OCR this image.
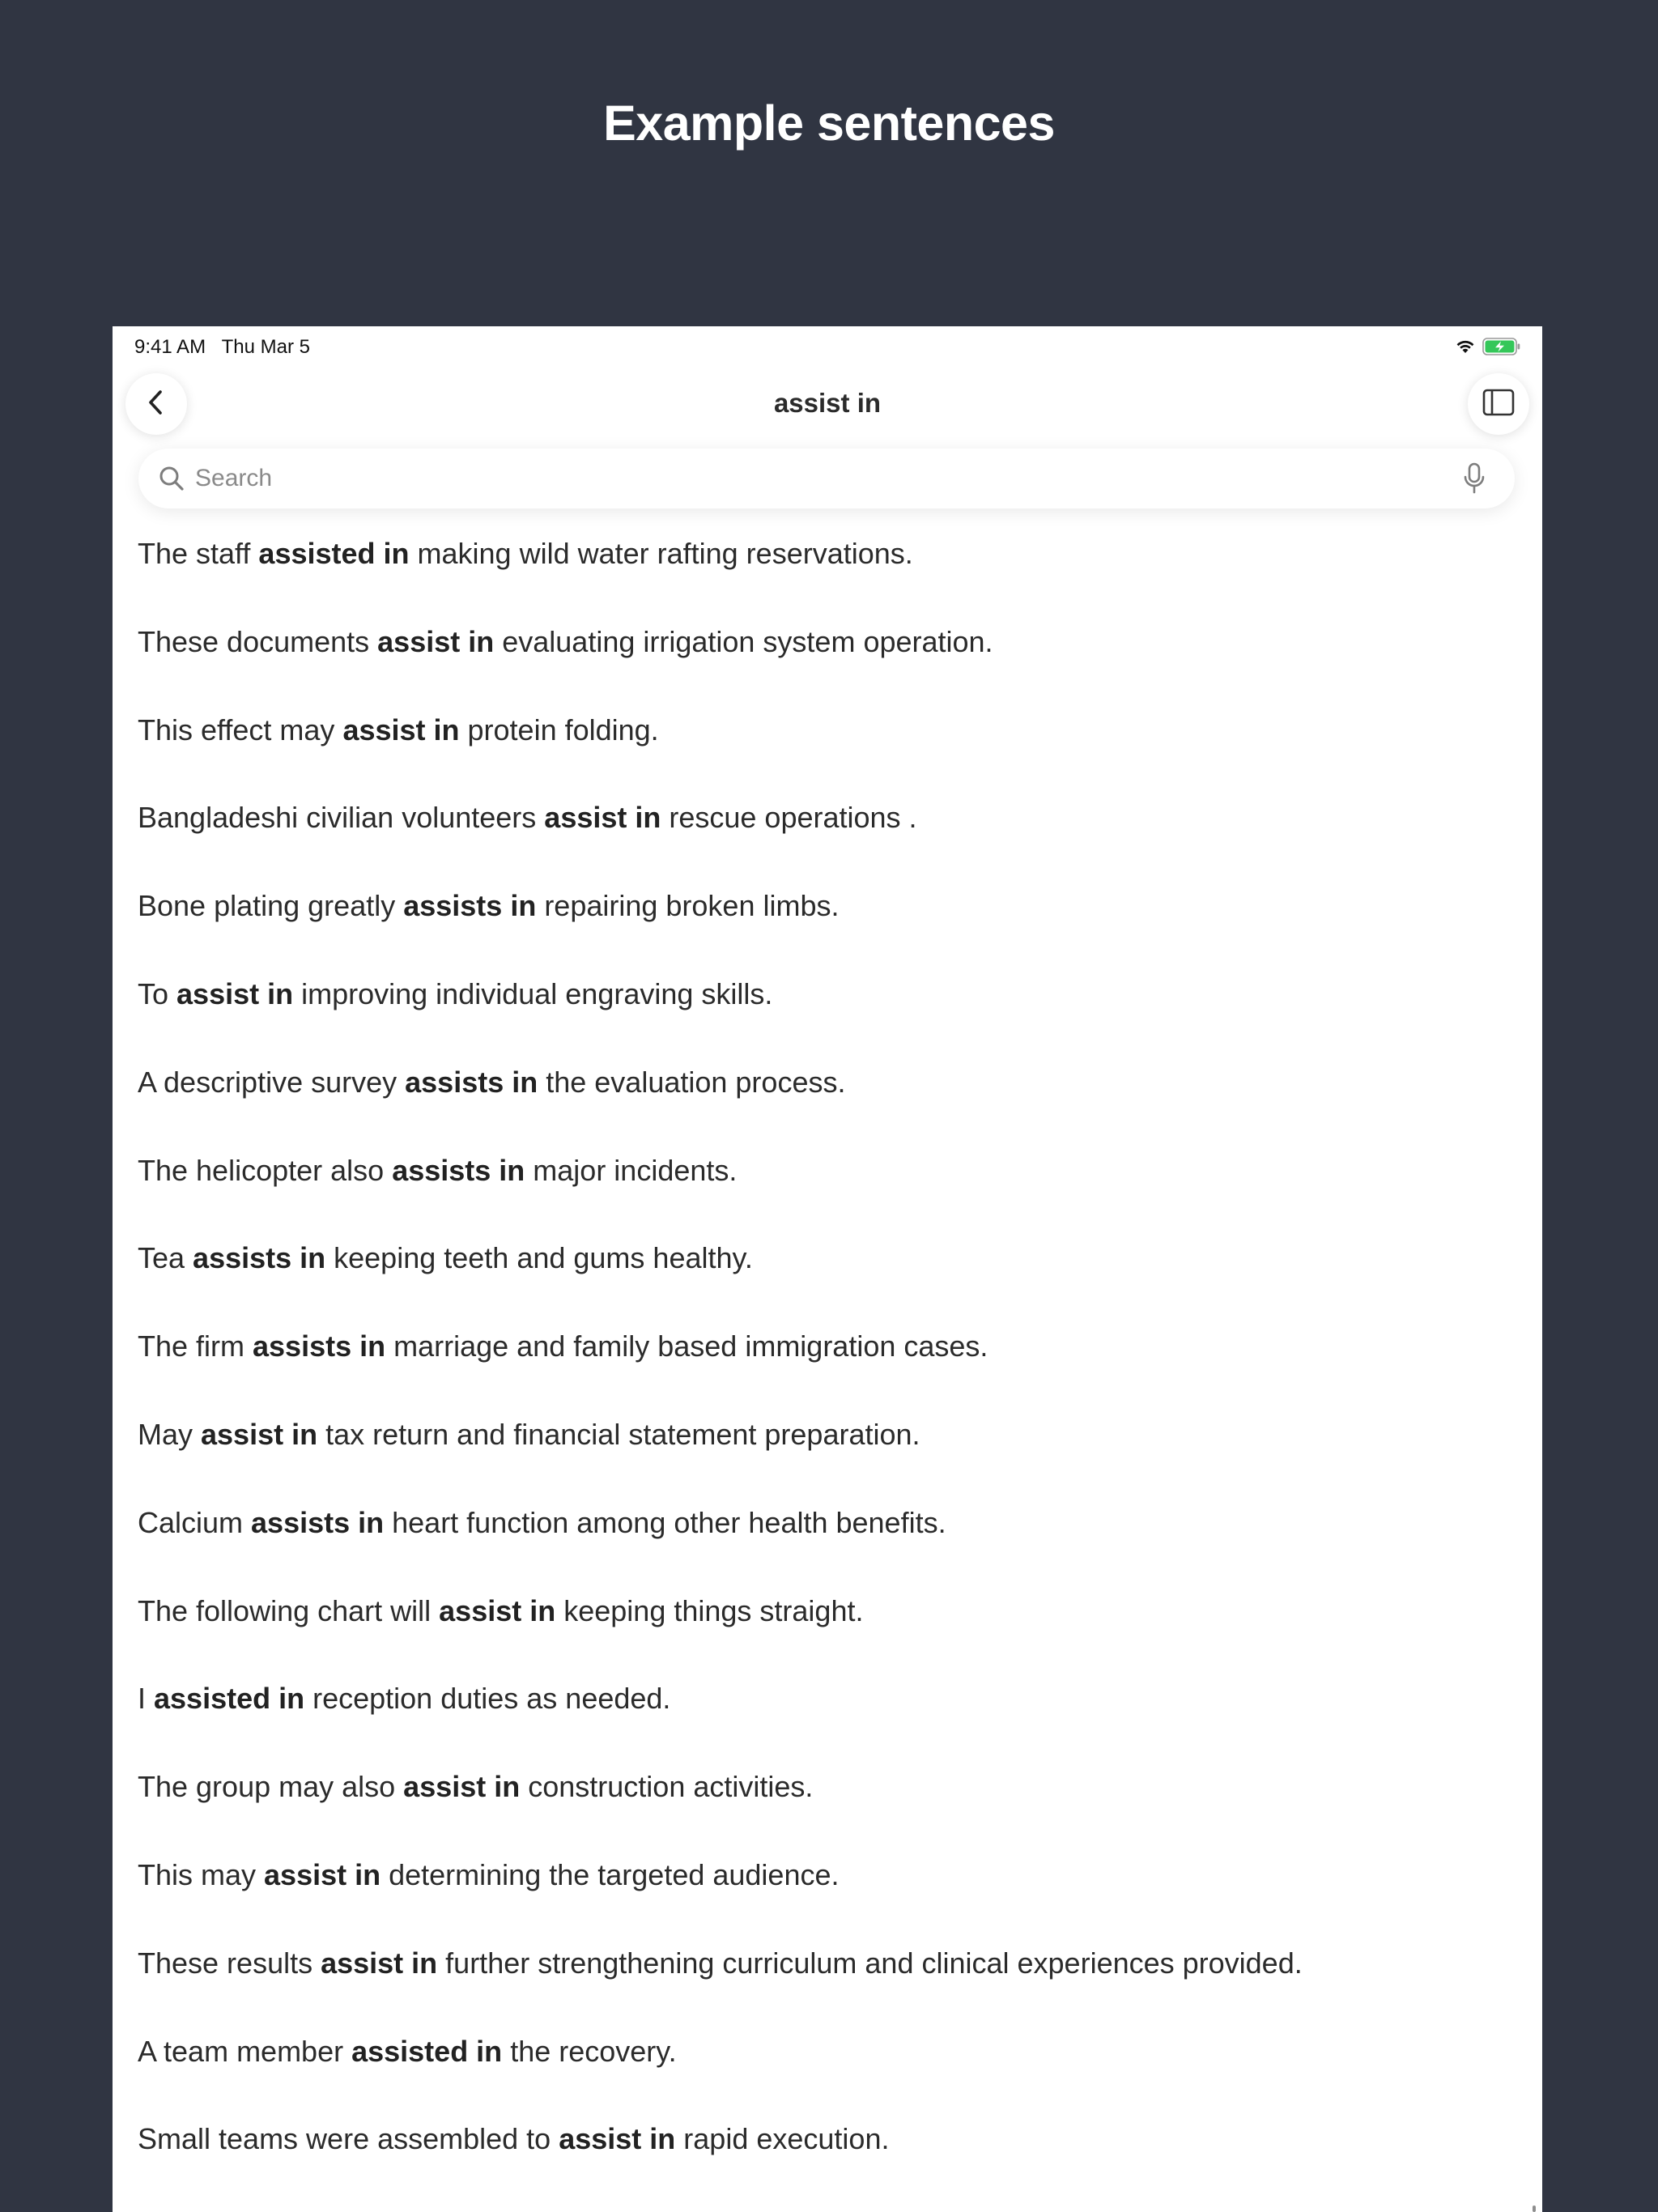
Example sentences
9:41 AM Thu Mar 5
assist in
Search
The staff assisted in making wild water rafting reservations.
These documents assist in evaluating irrigation system operation.
This effect may assist in protein folding.
Bangladeshi civilian volunteers assist in rescue operations .
Bone plating greatly assists in repairing broken limbs.
To assist in improving individual engraving skills.
A descriptive survey assists in the evaluation process.
The helicopter also assists in major incidents.
Tea assists in keeping teeth and gums healthy.
The firm assists in marriage and family based immigration cases.
May assist in tax return and financial statement preparation.
Calcium assists in heart function among other health benefits.
The following chart will assist in keeping things straight.
I assisted in reception duties as needed.
The group may also assist in construction activities.
This may assist in determining the targeted audience.
These results assist in further strengthening curriculum and clinical experiences provided.
A team member assisted in the recovery.
Small teams were assembled to assist in rapid execution.
